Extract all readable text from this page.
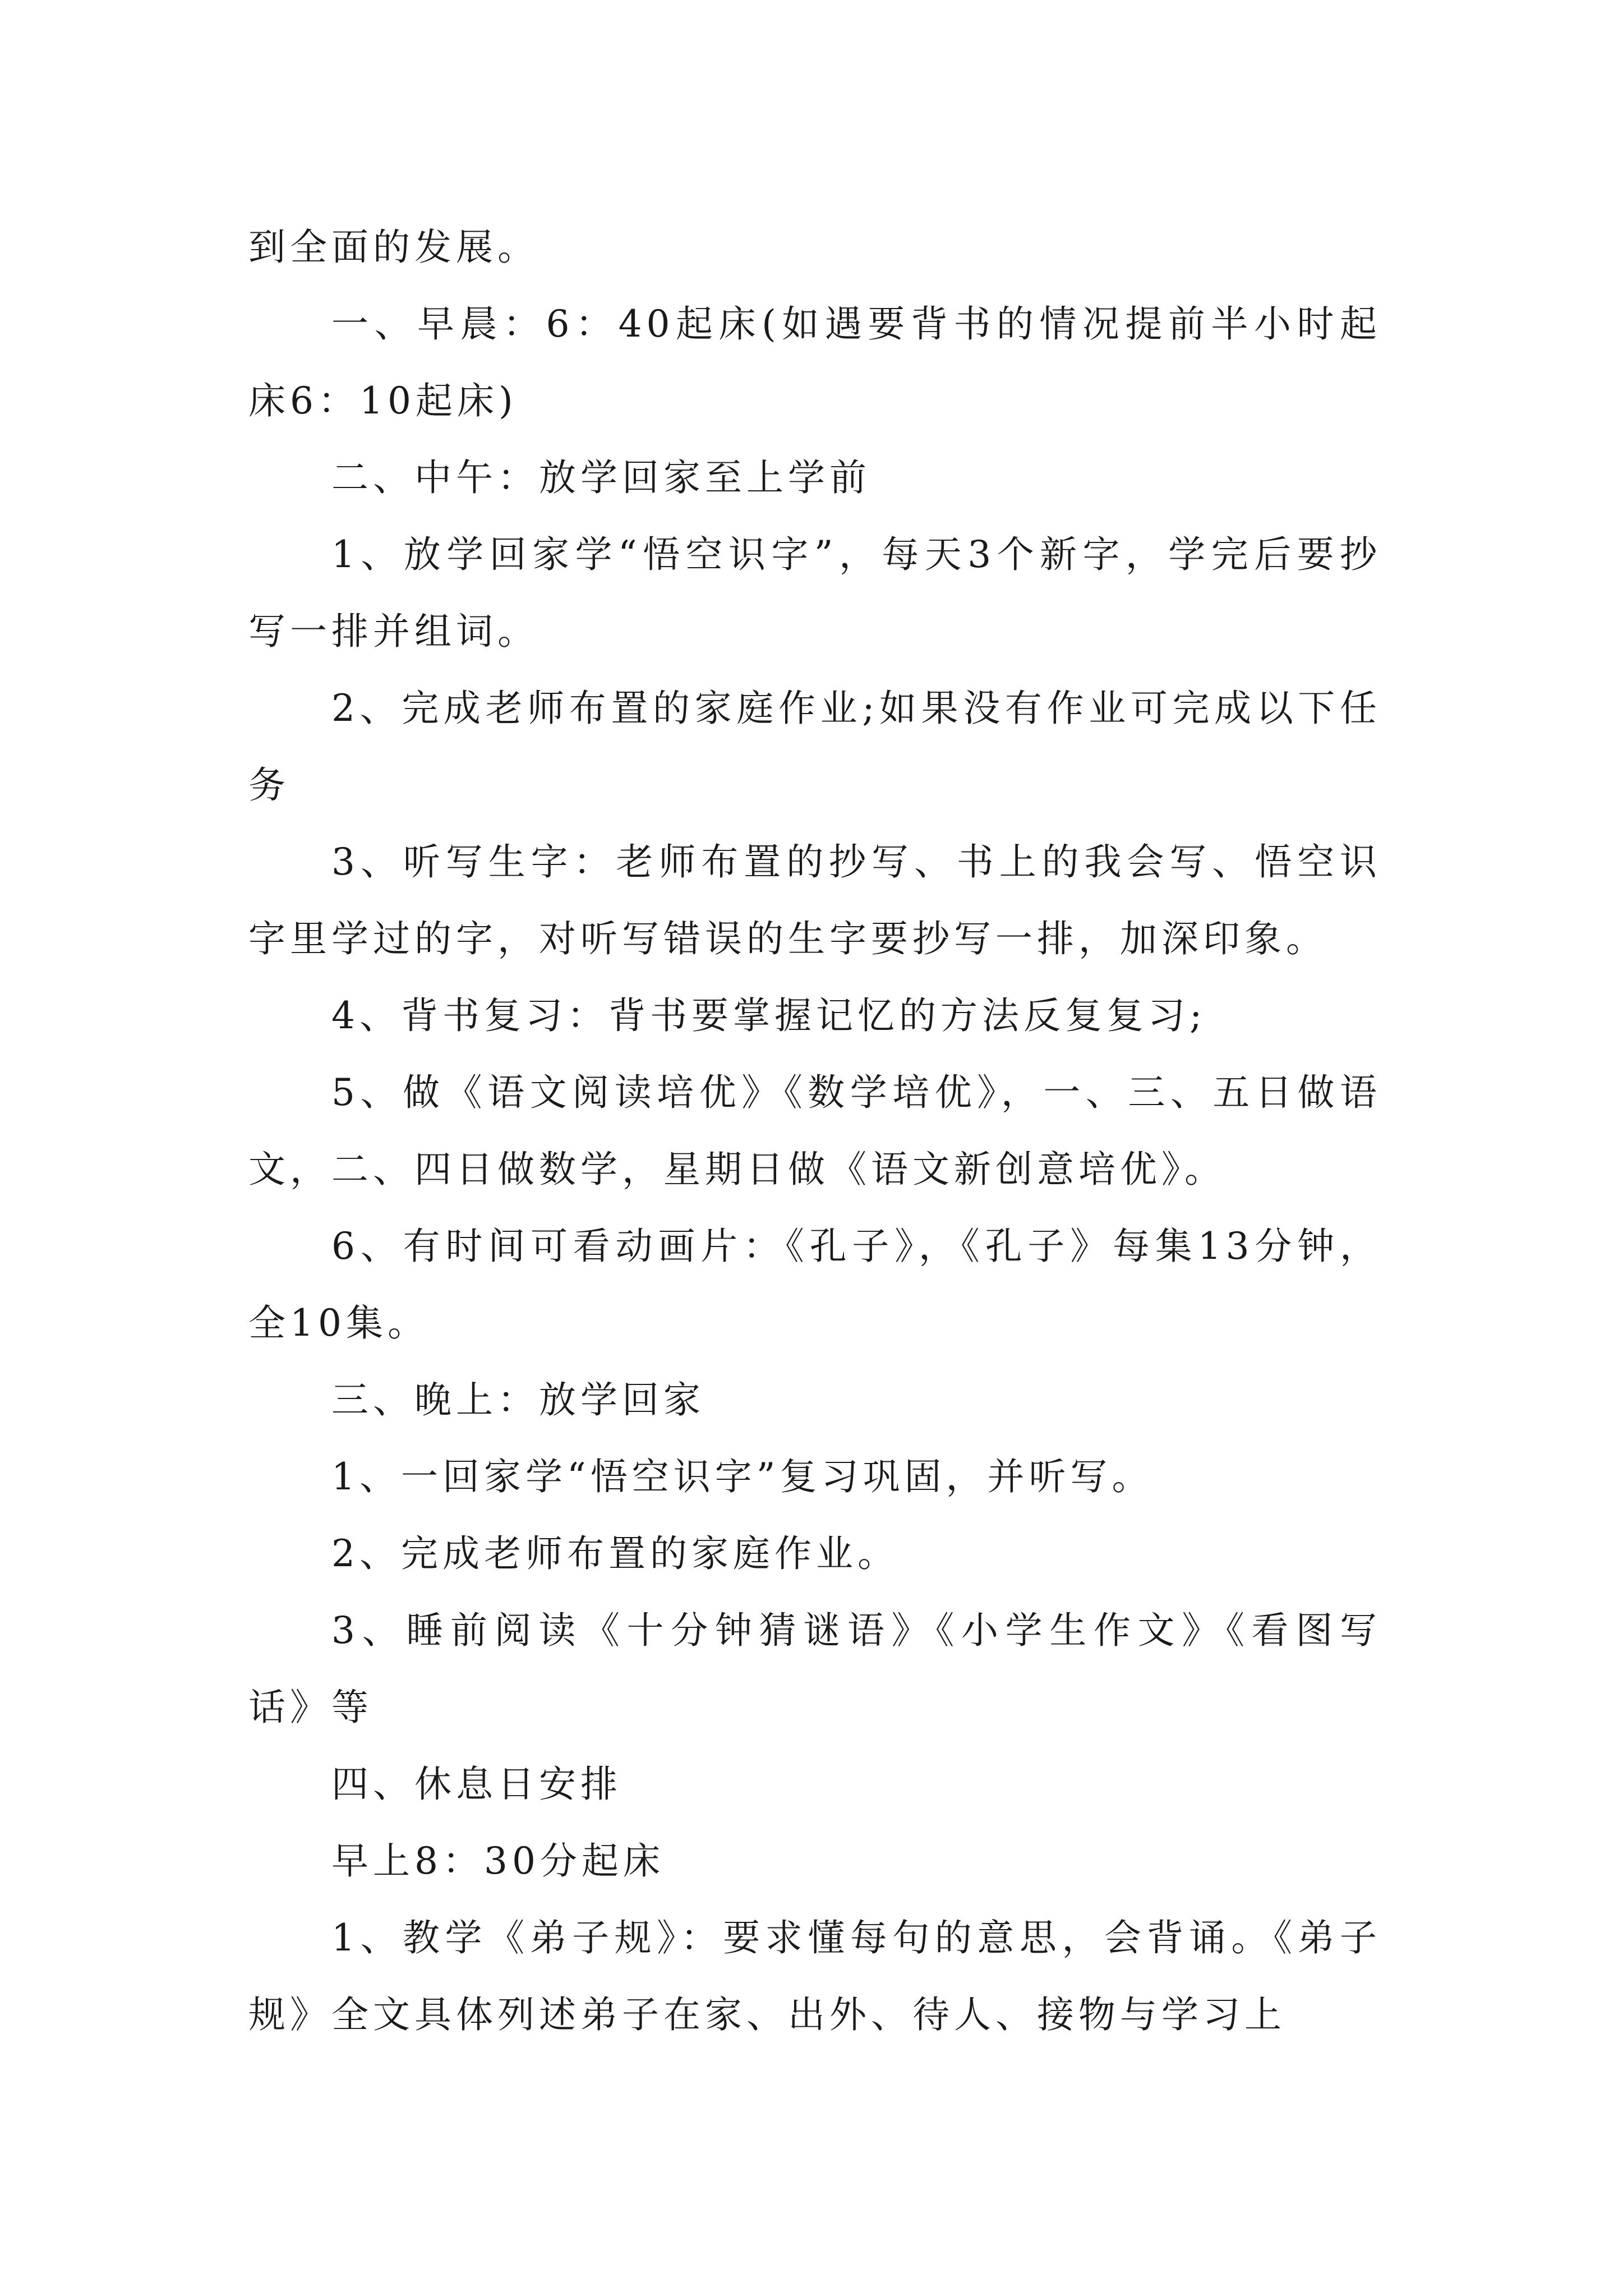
到全面的发展。

一、早晨：6：40起床(如遇要背书的情况提前半小时起床6：10起床)

二、中午：放学回家至上学前

1、放学回家学“悟空识字”，每天3个新字，学完后要抄写一排并组词。

2、完成老师布置的家庭作业;如果没有作业可完成以下任务

3、听写生字：老师布置的抄写、书上的我会写、悟空识字里学过的字，对听写错误的生字要抄写一排，加深印象。

4、背书复习：背书要掌握记忆的方法反复复习;

5、做《语文阅读培优》《数学培优》，一、三、五日做语文，二、四日做数学，星期日做《语文新创意培优》。

6、有时间可看动画片：《孔子》，《孔子》每集13分钟，全10集。

三、晚上：放学回家

1、一回家学“悟空识字”复习巩固，并听写。

2、完成老师布置的家庭作业。

3、睡前阅读《十分钟猜谜语》《小学生作文》《看图写话》等

四、休息日安排

早上8：30分起床

1、教学《弟子规》：要求懂每句的意思，会背诵。《弟子规》全文具体列述弟子在家、出外、待人、接物与学习上
